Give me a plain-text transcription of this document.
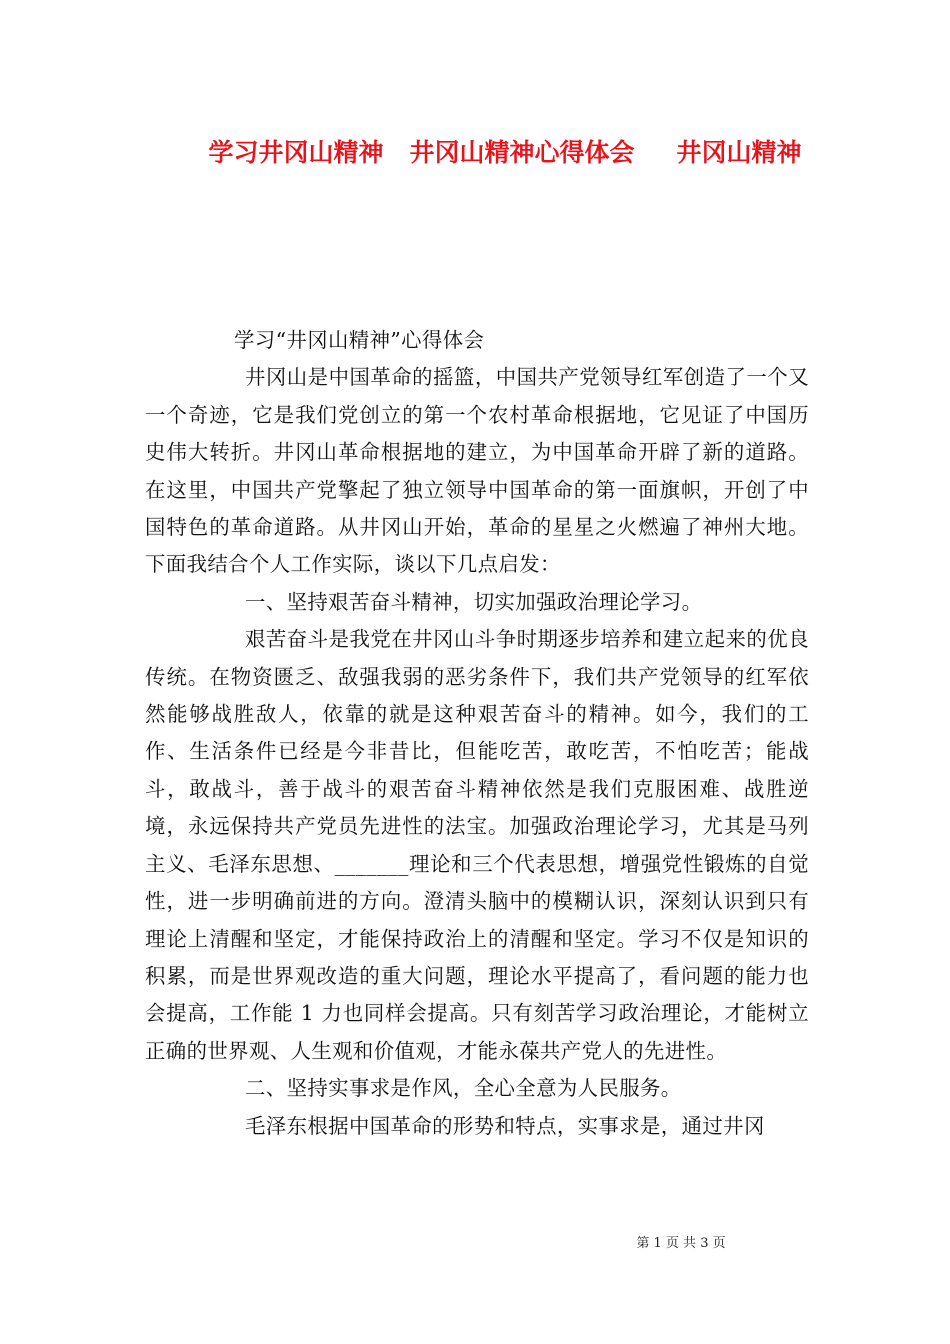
学习井冈山精神 井冈山精神心得体会 井冈山精神

学习“井冈山精神”心得体会

井冈山是中国革命的摇篮，中国共产党领导红军创造了一个又一个奇迹，它是我们党创立的第一个农村革命根据地，它见证了中国历史伟大转折。井冈山革命根据地的建立，为中国革命开辟了新的道路。在这里，中国共产党擎起了独立领导中国革命的第一面旗帜，开创了中国特色的革命道路。从井冈山开始，革命的星星之火燃遍了神州大地。下面我结合个人工作实际，谈以下几点启发：

一、坚持艰苦奋斗精神，切实加强政治理论学习。

艰苦奋斗是我党在井冈山斗争时期逐步培养和建立起来的优良传统。在物资匮乏、敌强我弱的恶劣条件下，我们共产党领导的红军依然能够战胜敌人，依靠的就是这种艰苦奋斗的精神。如今，我们的工作、生活条件已经是今非昔比，但能吃苦，敢吃苦，不怕吃苦；能战斗，敢战斗，善于战斗的艰苦奋斗精神依然是我们克服困难、战胜逆境，永远保持共产党员先进性的法宝。加强政治理论学习，尤其是马列主义、毛泽东思想、_______理论和三个代表思想，增强党性锻炼的自觉性，进一步明确前进的方向。澄清头脑中的模糊认识，深刻认识到只有理论上清醒和坚定，才能保持政治上的清醒和坚定。学习不仅是知识的积累，而是世界观改造的重大问题，理论水平提高了，看问题的能力也会提高，工作能 1 力也同样会提高。只有刻苦学习政治理论，才能树立正确的世界观、人生观和价值观，才能永葆共产党人的先进性。

二、坚持实事求是作风，全心全意为人民服务。

毛泽东根据中国革命的形势和特点，实事求是，通过井冈

第 1 页 共 3 页
